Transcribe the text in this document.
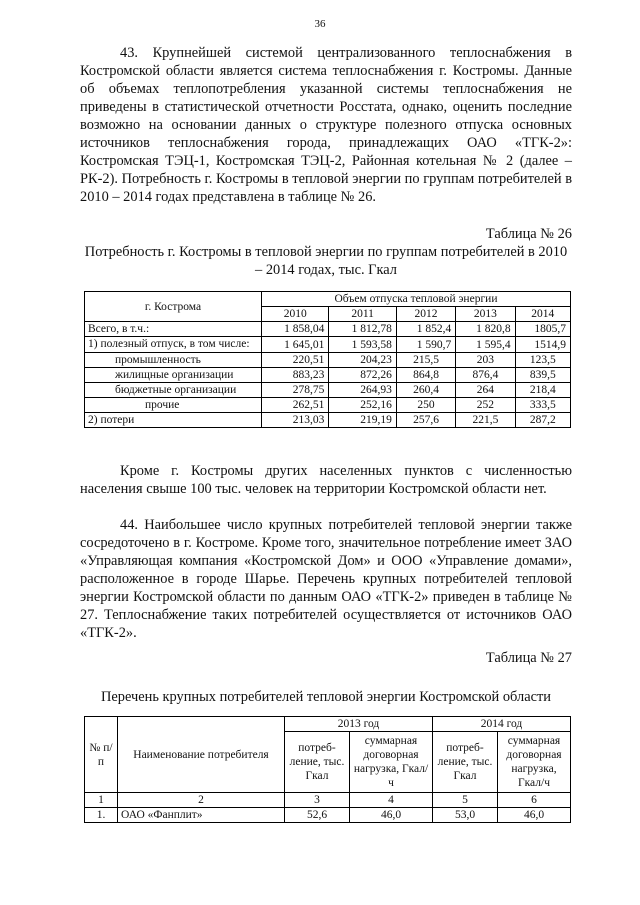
36
43. Крупнейшей системой централизованного теплоснабжения в Костромской области является система теплоснабжения г. Костромы. Данные об объемах теплопотребления указанной системы теплоснабжения не приведены в статистической отчетности Росстата, однако, оценить последние возможно на основании данных о структуре полезного отпуска основных источников теплоснабжения города, принадлежащих ОАО «ТГК-2»: Костромская ТЭЦ-1, Костромская ТЭЦ-2, Районная котельная № 2 (далее – РК-2). Потребность г. Костромы в тепловой энергии по группам потребителей в 2010 – 2014 годах представлена в таблице № 26.
Таблица № 26
Потребность г. Костромы в тепловой энергии по группам потребителей в 2010 – 2014 годах, тыс. Гкал
г. Кострома	Объем отпуска тепловой энергии				
	2010	2011	2012	2013	2014
Всего, в т.ч.:	1 858,04	1 812,78	1 852,4	1 820,8	1805,7
1) полезный отпуск, в том числе:	1 645,01	1 593,58	1 590,7	1 595,4	1514,9
промышленность	220,51	204,23	215,5	203	123,5
жилищные организации	883,23	872,26	864,8	876,4	839,5
бюджетные организации	278,75	264,93	260,4	264	218,4
прочие	262,51	252,16	250	252	333,5
2) потери	213,03	219,19	257,6	221,5	287,2
Кроме г. Костромы других населенных пунктов с численностью населения свыше 100 тыс. человек на территории Костромской области нет.
44. Наибольшее число крупных потребителей тепловой энергии также сосредоточено в г. Костроме. Кроме того, значительное потребление имеет ЗАО «Управляющая компания «Костромской Дом» и ООО «Управление домами», расположенное в городе Шарье. Перечень крупных потребителей тепловой энергии Костромской области по данным ОАО «ТГК-2» приведен в таблице № 27. Теплоснабжение таких потребителей осуществляется от источников ОАО «ТГК-2».
Таблица № 27
Перечень крупных потребителей тепловой энергии Костромской области
№ п/п	Наименование потребителя	2013 год		2014 год	
		потреб-ление, тыс. Гкал	суммарная договорная нагрузка, Гкал/ч	потреб-ление, тыс. Гкал	суммарная договорная нагрузка, Гкал/ч
1	2	3	4	5	6
1.	ОАО «Фанплит»	52,6	46,0	53,0	46,0
